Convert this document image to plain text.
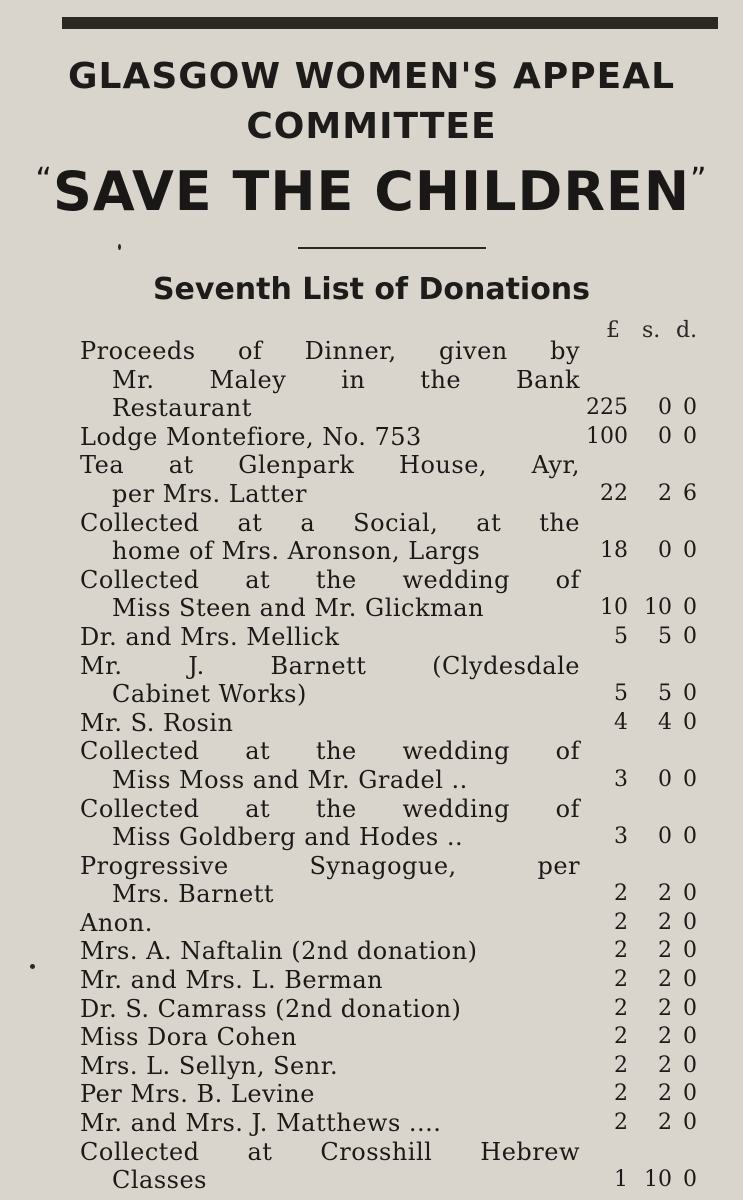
GLASGOW WOMEN'S APPEAL
COMMITTEE
“SAVE THE CHILDREN”
Seventh List of Donations
£ s. d.
Proceeds of Dinner, given by
Mr. Maley in the Bank
Restaurant	225	0 0
Lodge Montefiore, No. 753	100	0 0
Tea at Glenpark House, Ayr,
per Mrs. Latter	22	2 6
Collected at a Social, at the
home of Mrs. Aronson, Largs	18	0 0
Collected at the wedding of
Miss Steen and Mr. Glickman	10 10 0
Dr. and Mrs. Mellick	5	5 0
Mr. J. Barnett (Clydesdale
Cabinet Works)	5	5 0
Mr. S. Rosin	4	4 0
Collected at the wedding of
Miss Moss and Mr. Gradel ..	3	0 0
Collected at the wedding of
Miss Goldberg and Hodes ..	3	0 0
Progressive Synagogue, per
Mrs. Barnett	2	2 0
Anon.	2	2 0
Mrs. A. Naftalin (2nd donation)	2	2 0
Mr. and Mrs. L. Berman	2	2 0
Dr. S. Camrass (2nd donation)	2	2 0
Miss Dora Cohen	2	2 0
Mrs. L. Sellyn, Senr.	2	2 0
Per Mrs. B. Levine	2	2 0
Mr. and Mrs. J. Matthews ....	2	2 0
Collected at Crosshill Hebrew
Classes	1 10 0
